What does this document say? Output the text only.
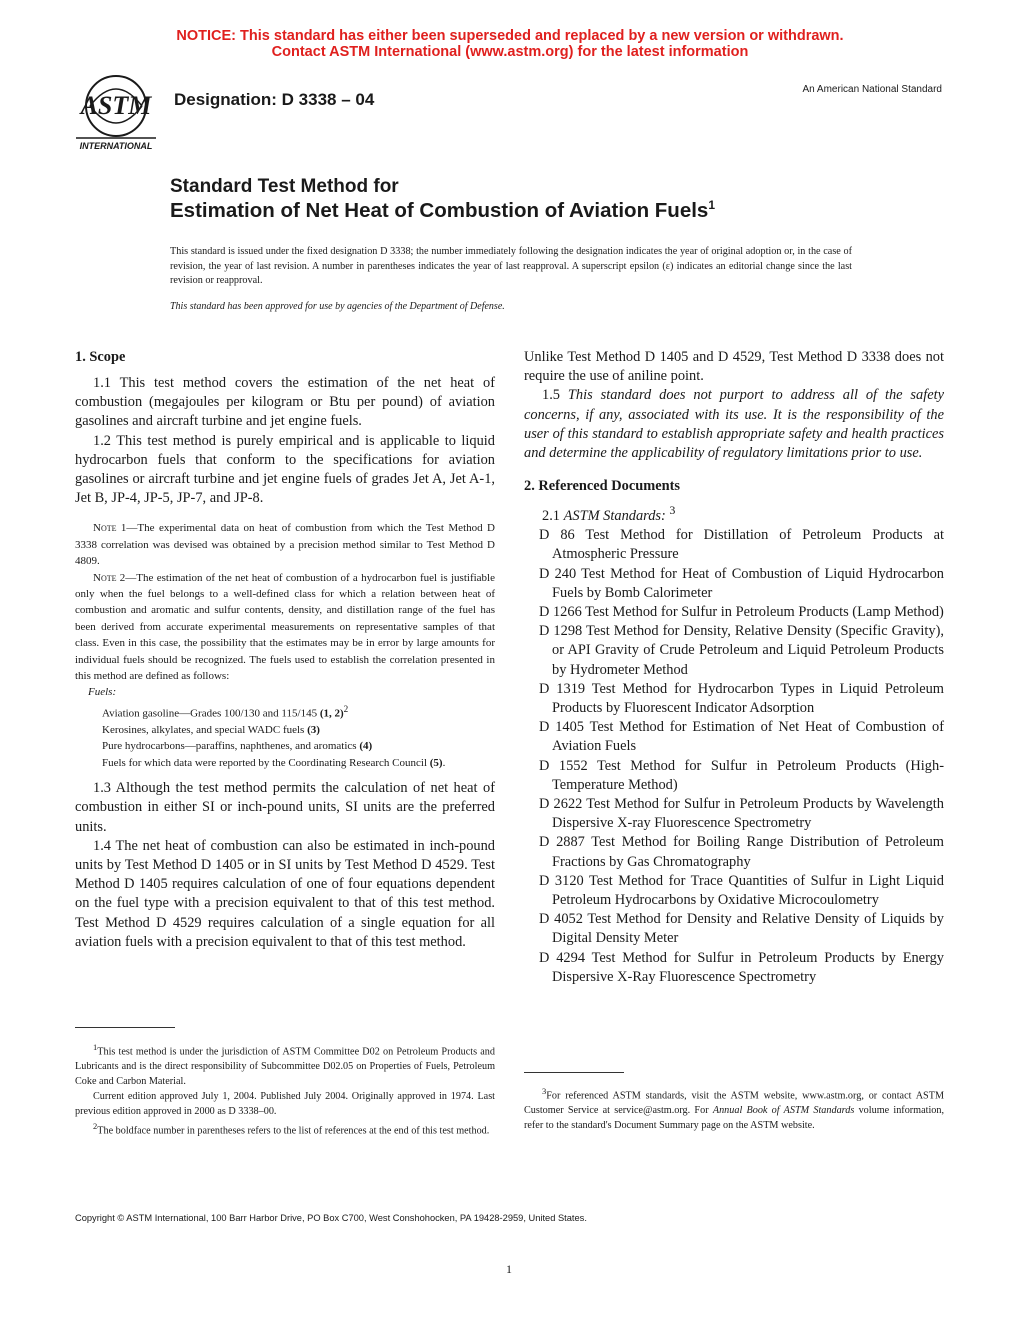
NOTICE: This standard has either been superseded and replaced by a new version or withdrawn.
Contact ASTM International (www.astm.org) for the latest information
ASTM
INTERNATIONAL
Designation: D 3338 – 04
An American National Standard
Standard Test Method for
Estimation of Net Heat of Combustion of Aviation Fuels$^1$
This standard is issued under the fixed designation D 3338; the number immediately following the designation indicates the year of original adoption or, in the case of revision, the year of last revision. A number in parentheses indicates the year of last reapproval. A superscript epsilon (ε) indicates an editorial change since the last revision or reapproval.
This standard has been approved for use by agencies of the Department of Defense.
1. Scope

1.1 This test method covers the estimation of the net heat of combustion (megajoules per kilogram or Btu per pound) of aviation gasolines and aircraft turbine and jet engine fuels.

1.2 This test method is purely empirical and is applicable to liquid hydrocarbon fuels that conform to the specifications for aviation gasolines or aircraft turbine and jet engine fuels of grades Jet A, Jet A-1, Jet B, JP-4, JP-5, JP-7, and JP-8.

Note 1—The experimental data on heat of combustion from which the Test Method D 3338 correlation was devised was obtained by a precision method similar to Test Method D 4809.

Note 2—The estimation of the net heat of combustion of a hydrocarbon fuel is justifiable only when the fuel belongs to a well-defined class for which a relation between heat of combustion and aromatic and sulfur contents, density, and distillation range of the fuel has been derived from accurate experimental measurements on representative samples of that class. Even in this case, the possibility that the estimates may be in error by large amounts for individual fuels should be recognized. The fuels used to establish the correlation presented in this method are defined as follows:

Fuels:
Aviation gasoline—Grades 100/130 and 115/145 (1, 2)$^2$
Kerosines, alkylates, and special WADC fuels (3)
Pure hydrocarbons—paraffins, naphthenes, and aromatics (4)
Fuels for which data were reported by the Coordinating Research Council (5).

1.3 Although the test method permits the calculation of net heat of combustion in either SI or inch-pound units, SI units are the preferred units.

1.4 The net heat of combustion can also be estimated in inch-pound units by Test Method D 1405 or in SI units by Test Method D 4529. Test Method D 1405 requires calculation of one of four equations dependent on the fuel type with a precision equivalent to that of this test method. Test Method D 4529 requires calculation of a single equation for all aviation fuels with a precision equivalent to that of this test method.

$^1$This test method is under the jurisdiction of ASTM Committee D02 on Petroleum Products and Lubricants and is the direct responsibility of Subcommittee D02.05 on Properties of Fuels, Petroleum Coke and Carbon Material.

Current edition approved July 1, 2004. Published July 2004. Originally approved in 1974. Last previous edition approved in 2000 as D 3338–00.

$^2$The boldface number in parentheses refers to the list of references at the end of this test method.

Unlike Test Method D 1405 and D 4529, Test Method D 3338 does not require the use of aniline point.

1.5 This standard does not purport to address all of the safety concerns, if any, associated with its use. It is the responsibility of the user of this standard to establish appropriate safety and health practices and determine the applicability of regulatory limitations prior to use.

2. Referenced Documents

2.1 ASTM Standards: $^3$

D 86 Test Method for Distillation of Petroleum Products at Atmospheric Pressure

D 240 Test Method for Heat of Combustion of Liquid Hydrocarbon Fuels by Bomb Calorimeter

D 1266 Test Method for Sulfur in Petroleum Products (Lamp Method)

D 1298 Test Method for Density, Relative Density (Specific Gravity), or API Gravity of Crude Petroleum and Liquid Petroleum Products by Hydrometer Method

D 1319 Test Method for Hydrocarbon Types in Liquid Petroleum Products by Fluorescent Indicator Adsorption

D 1405 Test Method for Estimation of Net Heat of Combustion of Aviation Fuels

D 1552 Test Method for Sulfur in Petroleum Products (High-Temperature Method)

D 2622 Test Method for Sulfur in Petroleum Products by Wavelength Dispersive X-ray Fluorescence Spectrometry

D 2887 Test Method for Boiling Range Distribution of Petroleum Fractions by Gas Chromatography

D 3120 Test Method for Trace Quantities of Sulfur in Light Liquid Petroleum Hydrocarbons by Oxidative Microcoulometry

D 4052 Test Method for Density and Relative Density of Liquids by Digital Density Meter

D 4294 Test Method for Sulfur in Petroleum Products by Energy Dispersive X-Ray Fluorescence Spectrometry

$^3$For referenced ASTM standards, visit the ASTM website, www.astm.org, or contact ASTM Customer Service at service@astm.org. For Annual Book of ASTM Standards volume information, refer to the standard's Document Summary page on the ASTM website.

Copyright © ASTM International, 100 Barr Harbor Drive, PO Box C700, West Conshohocken, PA 19428-2959, United States.
1
